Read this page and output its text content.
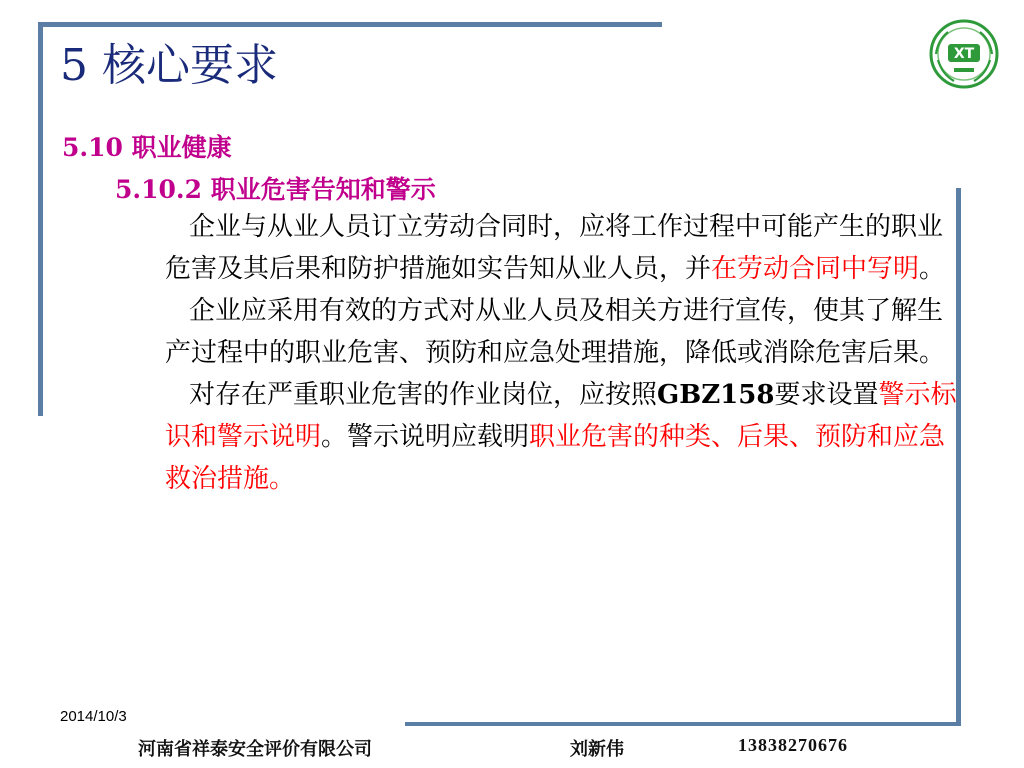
5 核心要求	XT
5.10 职业健康
5.10.2 职业危害告知和警示

企业与从业人员订立劳动合同时，应将工作过程中可能产生的职业危害及其后果和防护措施如实告知从业人员，并在劳动合同中写明。

企业应采用有效的方式对从业人员及相关方进行宣传，使其了解生产过程中的职业危害、预防和应急处理措施，降低或消除危害后果。

对存在严重职业危害的作业岗位，应按照GBZ158要求设置警示标识和警示说明。警示说明应载明职业危害的种类、后果、预防和应急救治措施。

2014/10/3
河南省祥泰安全评价有限公司	刘新伟	13838270676
